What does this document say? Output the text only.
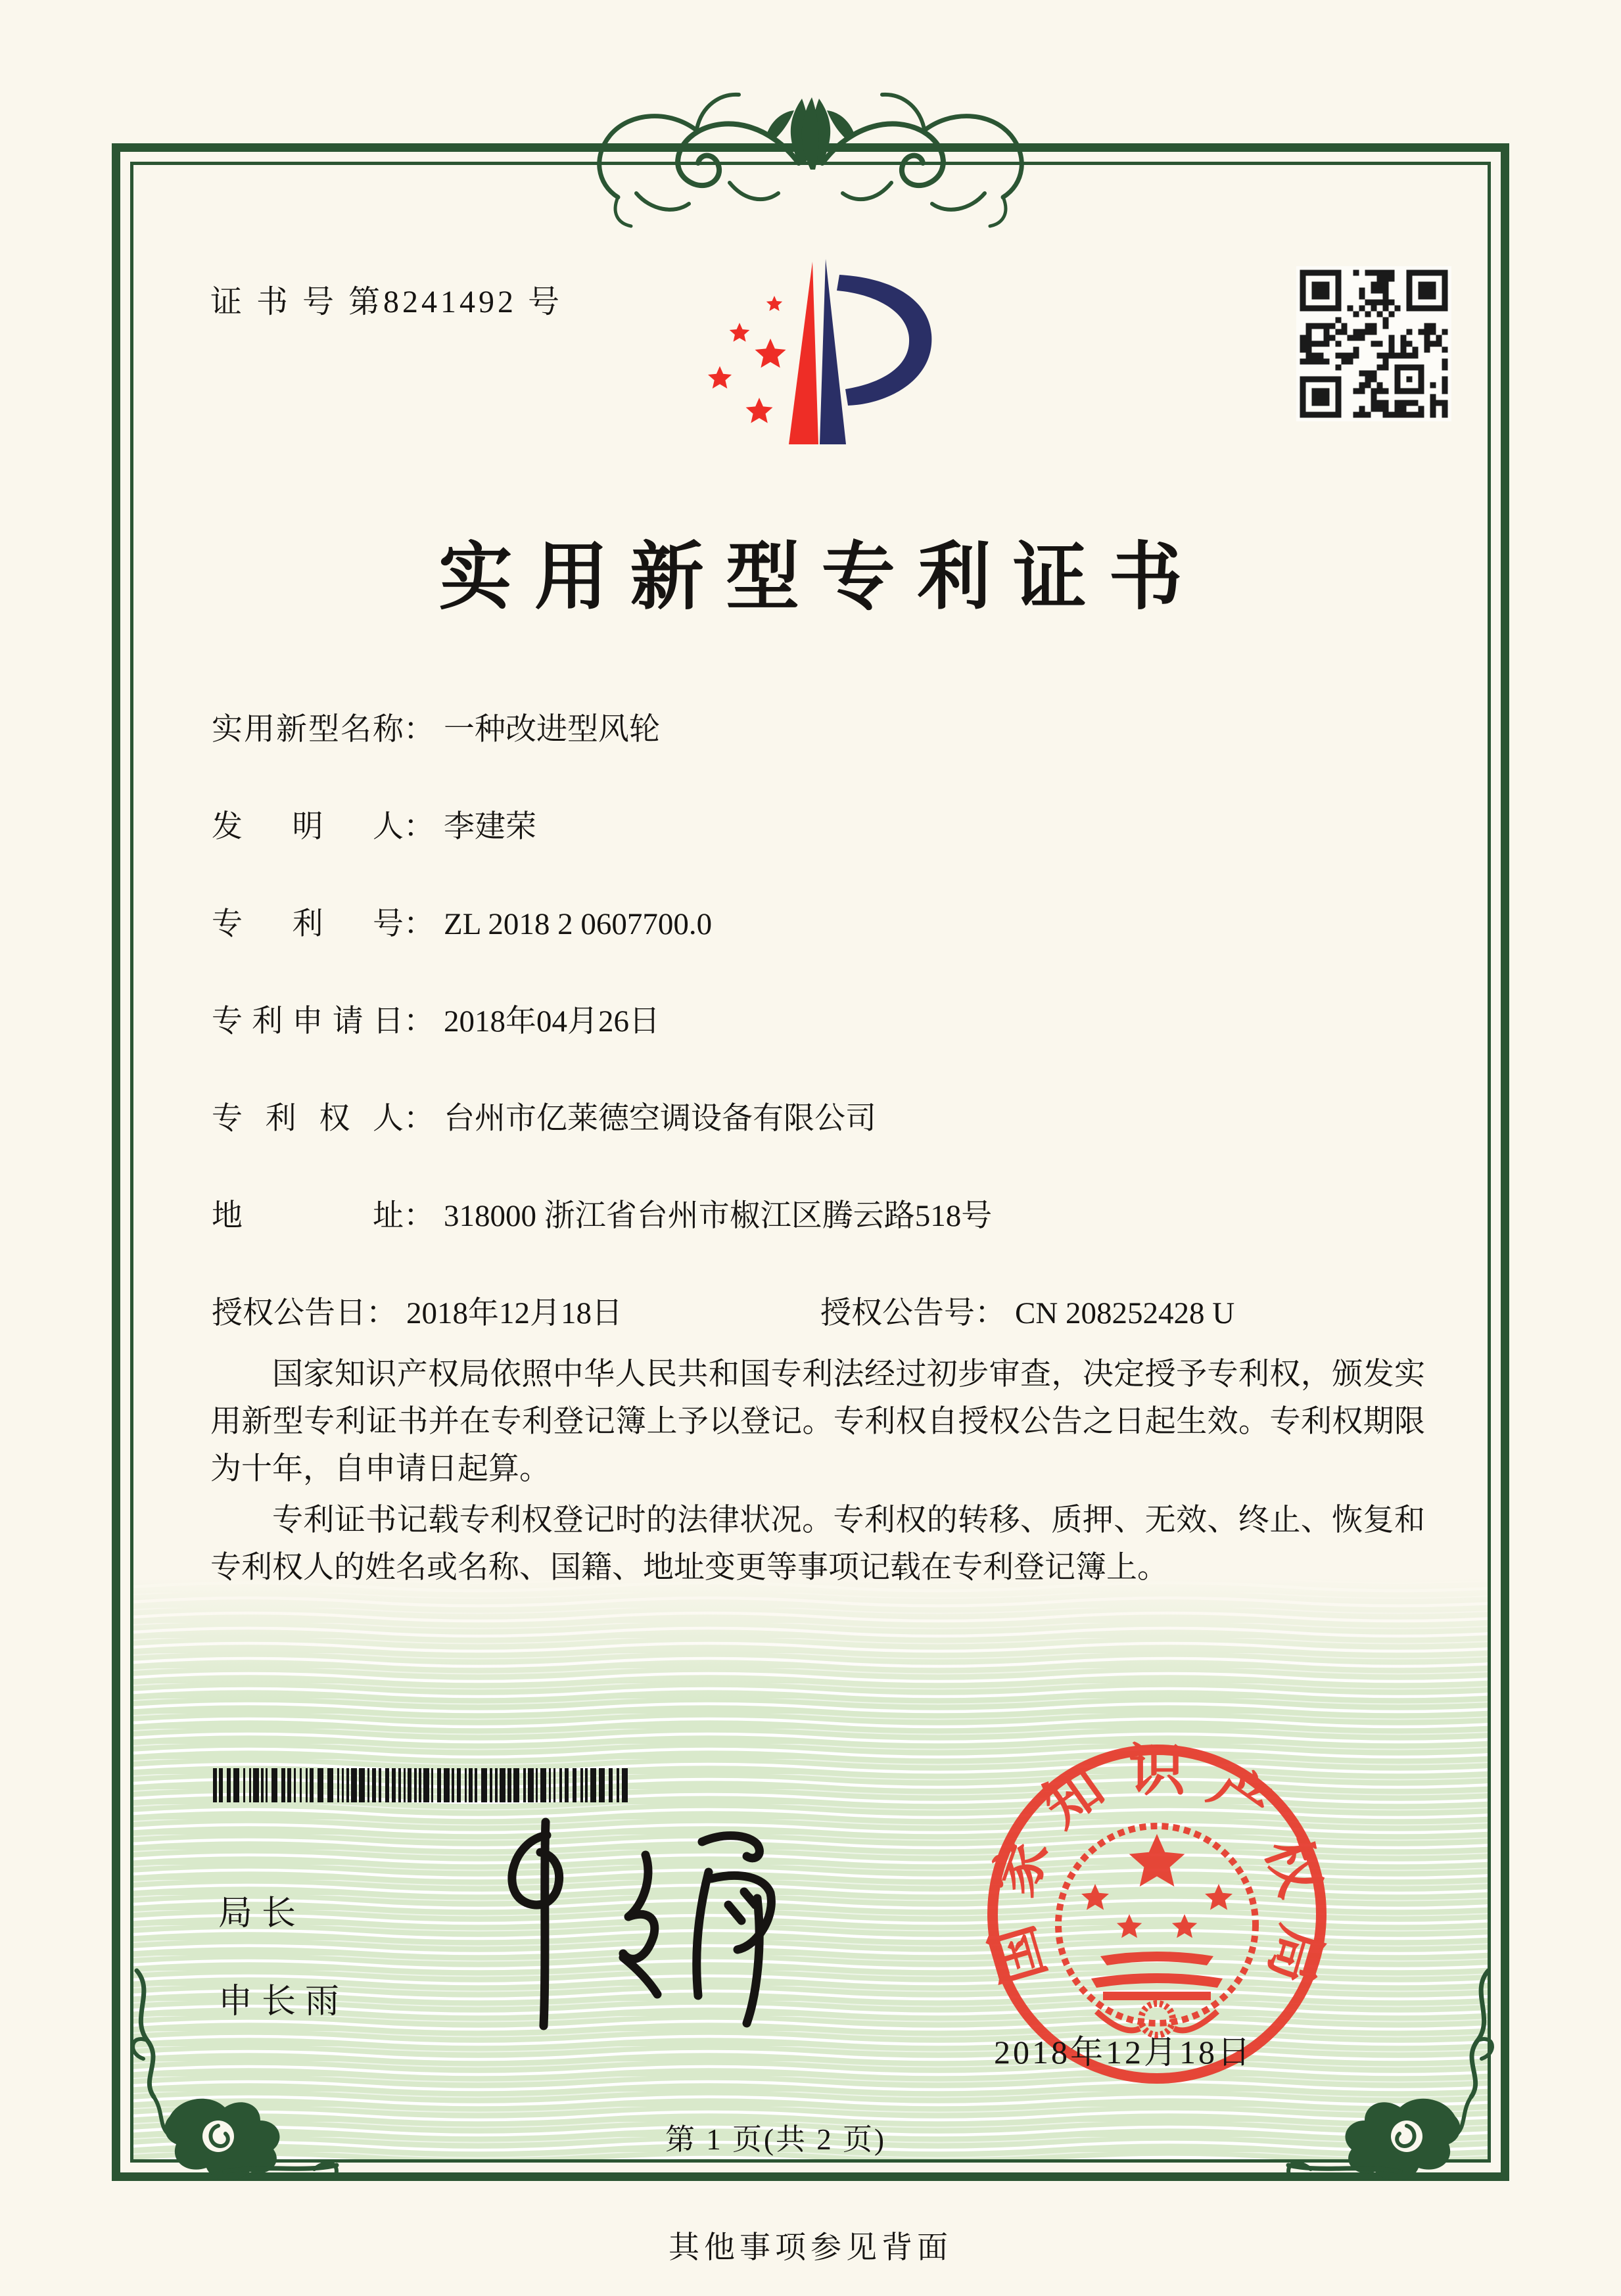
证 书 号 第8241492 号
实用新型专利证书
实用新型名称： 一种改进型风轮
发明人： 李建荣
专利号： ZL 2018 2 0607700.0
专利申请日： 2018年04月26日
专利权人： 台州市亿莱德空调设备有限公司
地址： 318000 浙江省台州市椒江区腾云路518号
授权公告日： 2018年12月18日	授权公告号： CN 208252428 U

国家知识产权局依照中华人民共和国专利法经过初步审查，决定授予专利权，颁发实用新型专利证书并在专利登记簿上予以登记。专利权自授权公告之日起生效。专利权期限为十年，自申请日起算。

专利证书记载专利权登记时的法律状况。专利权的转移、质押、无效、终止、恢复和专利权人的姓名或名称、国籍、地址变更等事项记载在专利登记簿上。

局长
申长雨
国家知识产权局
2018年12月18日
第 1 页(共 2 页)
其他事项参见背面
